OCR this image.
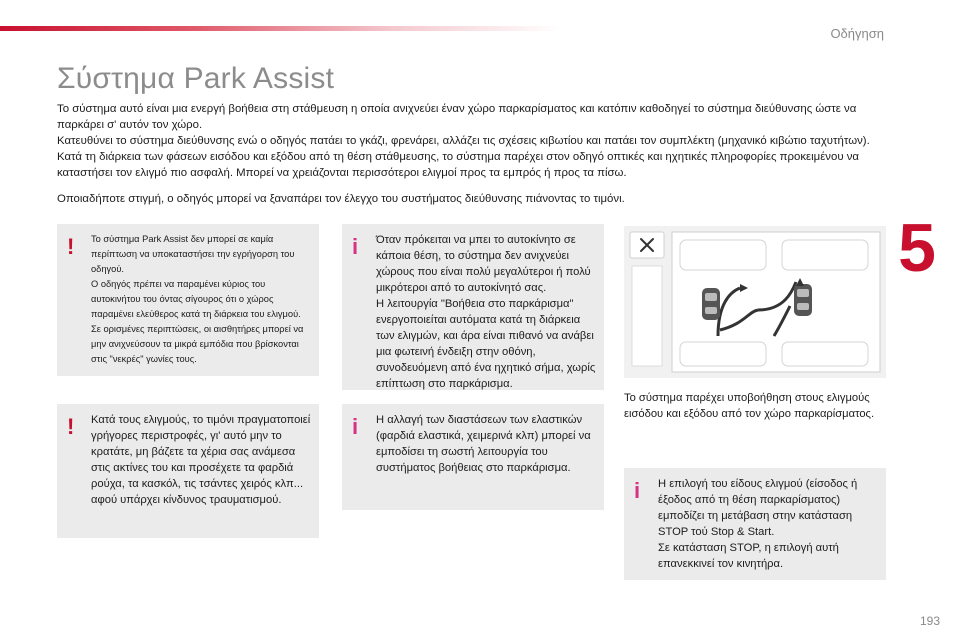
Οδήγηση
5
Σύστημα Park Assist

Το σύστημα αυτό είναι μια ενεργή βοήθεια στη στάθμευση η οποία ανιχνεύει έναν χώρο παρκαρίσματος και κατόπιν καθοδηγεί το σύστημα διεύθυνσης ώστε να παρκάρει σ' αυτόν τον χώρο.

Κατευθύνει το σύστημα διεύθυνσης ενώ ο οδηγός πατάει το γκάζι, φρενάρει, αλλάζει τις σχέσεις κιβωτίου και πατάει τον συμπλέκτη (μηχανικό κιβώτιο ταχυτήτων). Κατά τη διάρκεια των φάσεων εισόδου και εξόδου από τη θέση στάθμευσης, το σύστημα παρέχει στον οδηγό οπτικές και ηχητικές πληροφορίες προκειμένου να καταστήσει τον ελιγμό πιο ασφαλή. Μπορεί να χρειάζονται περισσότεροι ελιγμοί προς τα εμπρός ή προς τα πίσω.

Οποιαδήποτε στιγμή, ο οδηγός μπορεί να ξαναπάρει τον έλεγχο του συστήματος διεύθυνσης πιάνοντας το τιμόνι.

! Το σύστημα Park Assist δεν μπορεί σε καμία περίπτωση να υποκαταστήσει την εγρήγορση του οδηγού.
Ο οδηγός πρέπει να παραμένει κύριος του αυτοκινήτου του όντας σίγουρος ότι ο χώρος παραμένει ελεύθερος κατά τη διάρκεια του ελιγμού.
Σε ορισμένες περιπτώσεις, οι αισθητήρες μπορεί να μην ανιχνεύσουν τα μικρά εμπόδια που βρίσκονται στις "νεκρές" γωνίες τους.
i Όταν πρόκειται να μπει το αυτοκίνητο σε κάποια θέση, το σύστημα δεν ανιχνεύει χώρους που είναι πολύ μεγαλύτεροι ή πολύ μικρότεροι από το αυτοκίνητό σας.
Η λειτουργία "Βοήθεια στο παρκάρισμα" ενεργοποιείται αυτόματα κατά τη διάρκεια των ελιγμών, και άρα είναι πιθανό να ανάβει μια φωτεινή ένδειξη στην οθόνη, συνοδευόμενη από ένα ηχητικό σήμα, χωρίς επίπτωση στο παρκάρισμα.
! Κατά τους ελιγμούς, το τιμόνι πραγματοποιεί γρήγορες περιστροφές, γι' αυτό μην το κρατάτε, μη βάζετε τα χέρια σας ανάμεσα στις ακτίνες του και προσέχετε τα φαρδιά ρούχα, τα κασκόλ, τις τσάντες χειρός κλπ... αφού υπάρχει κίνδυνος τραυματισμού.
i Η αλλαγή των διαστάσεων των ελαστικών (φαρδιά ελαστικά, χειμερινά κλπ) μπορεί να εμποδίσει τη σωστή λειτουργία του συστήματος βοήθειας στο παρκάρισμα.
Το σύστημα παρέχει υποβοήθηση στους ελιγμούς εισόδου και εξόδου από τον χώρο παρκαρίσματος.
i Η επιλογή του είδους ελιγμού (είσοδος ή έξοδος από τη θέση παρκαρίσματος) εμποδίζει τη μετάβαση στην κατάσταση STOP τού Stop & Start.
Σε κατάσταση STOP, η επιλογή αυτή επανεκκινεί τον κινητήρα.
193
